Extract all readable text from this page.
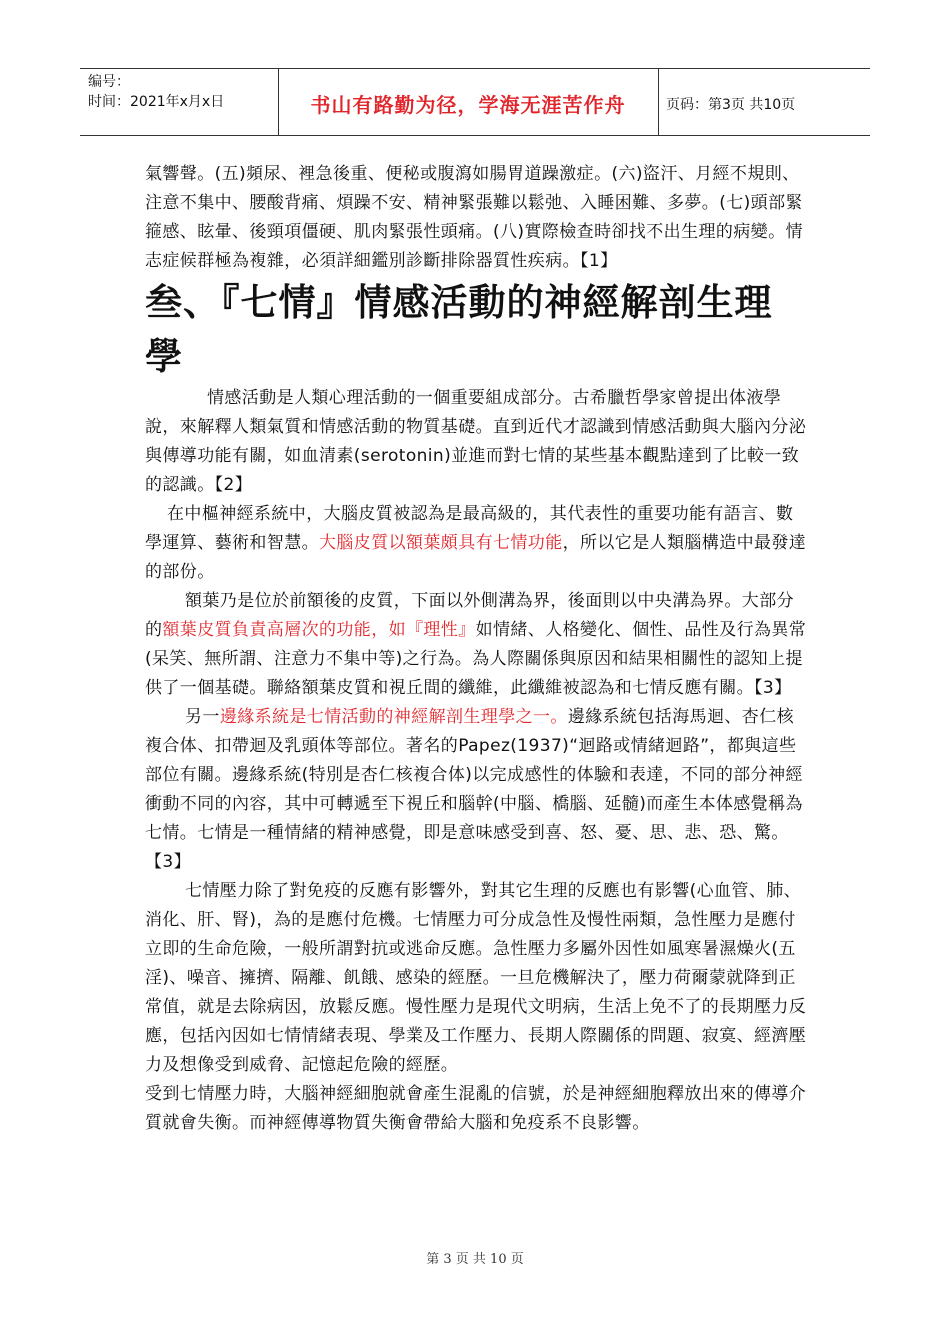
编号：
时间：2021年x月x日	书山有路勤为径，学海无涯苦作舟	页码：第3页 共10页

氣響聲。(五)頻尿、裡急後重、便秘或腹瀉如腸胃道躁激症。(六)盜汗、月經不規則、注意不集中、腰酸背痛、煩躁不安、精神緊張難以鬆弛、入睡困難、多夢。(七)頭部緊箍感、眩暈、後頸項僵硬、肌肉緊張性頭痛。(八)實際檢查時卻找不出生理的病變。情志症候群極為複雜，必須詳細鑑別診斷排除器質性疾病。【1】

叁、『七情』情感活動的神經解剖生理學

情感活動是人類心理活動的一個重要組成部分。古希臘哲學家曾提出体液學說，來解釋人類氣質和情感活動的物質基礎。直到近代才認識到情感活動與大腦內分泌與傳導功能有關，如血清素(serotonin)並進而對七情的某些基本觀點達到了比較一致的認識。【2】

在中樞神經系統中，大腦皮質被認為是最高級的，其代表性的重要功能有語言、數學運算、藝術和智慧。大腦皮質以額葉頗具有七情功能，所以它是人類腦構造中最發達的部份。

額葉乃是位於前額後的皮質，下面以外側溝為界，後面則以中央溝為界。大部分的額葉皮質負責高層次的功能，如『理性』如情緒、人格變化、個性、品性及行為異常(呆笑、無所謂、注意力不集中等)之行為。為人際關係與原因和結果相關性的認知上提供了一個基礎。聯絡額葉皮質和視丘間的纖維，此纖維被認為和七情反應有關。【3】

另一邊緣系統是七情活動的神經解剖生理學之一。邊緣系統包括海馬迴、杏仁核複合体、扣帶迴及乳頭体等部位。著名的Papez(1937)“迴路或情緒迴路”，都與這些部位有關。邊緣系統(特別是杏仁核複合体)以完成感性的体驗和表達，不同的部分神經衝動不同的內容，其中可轉遞至下視丘和腦幹(中腦、橋腦、延髓)而產生本体感覺稱為七情。七情是一種情緒的精神感覺，即是意味感受到喜、怒、憂、思、悲、恐、驚。【3】

七情壓力除了對免疫的反應有影響外，對其它生理的反應也有影響(心血管、肺、消化、肝、腎)，為的是應付危機。七情壓力可分成急性及慢性兩類，急性壓力是應付立即的生命危險，一般所謂對抗或逃命反應。急性壓力多屬外因性如風寒暑濕燥火(五淫)、噪音、擁擠、隔離、飢餓、感染的經歷。一旦危機解決了，壓力荷爾蒙就降到正常值，就是去除病因，放鬆反應。慢性壓力是現代文明病，生活上免不了的長期壓力反應，包括內因如七情情緒表現、學業及工作壓力、長期人際關係的問題、寂寞、經濟壓力及想像受到威脅、記憶起危險的經歷。

受到七情壓力時，大腦神經細胞就會產生混亂的信號，於是神經細胞釋放出來的傳導介質就會失衡。而神經傳導物質失衡會帶給大腦和免疫系不良影響。

第 3 页 共 10 页
